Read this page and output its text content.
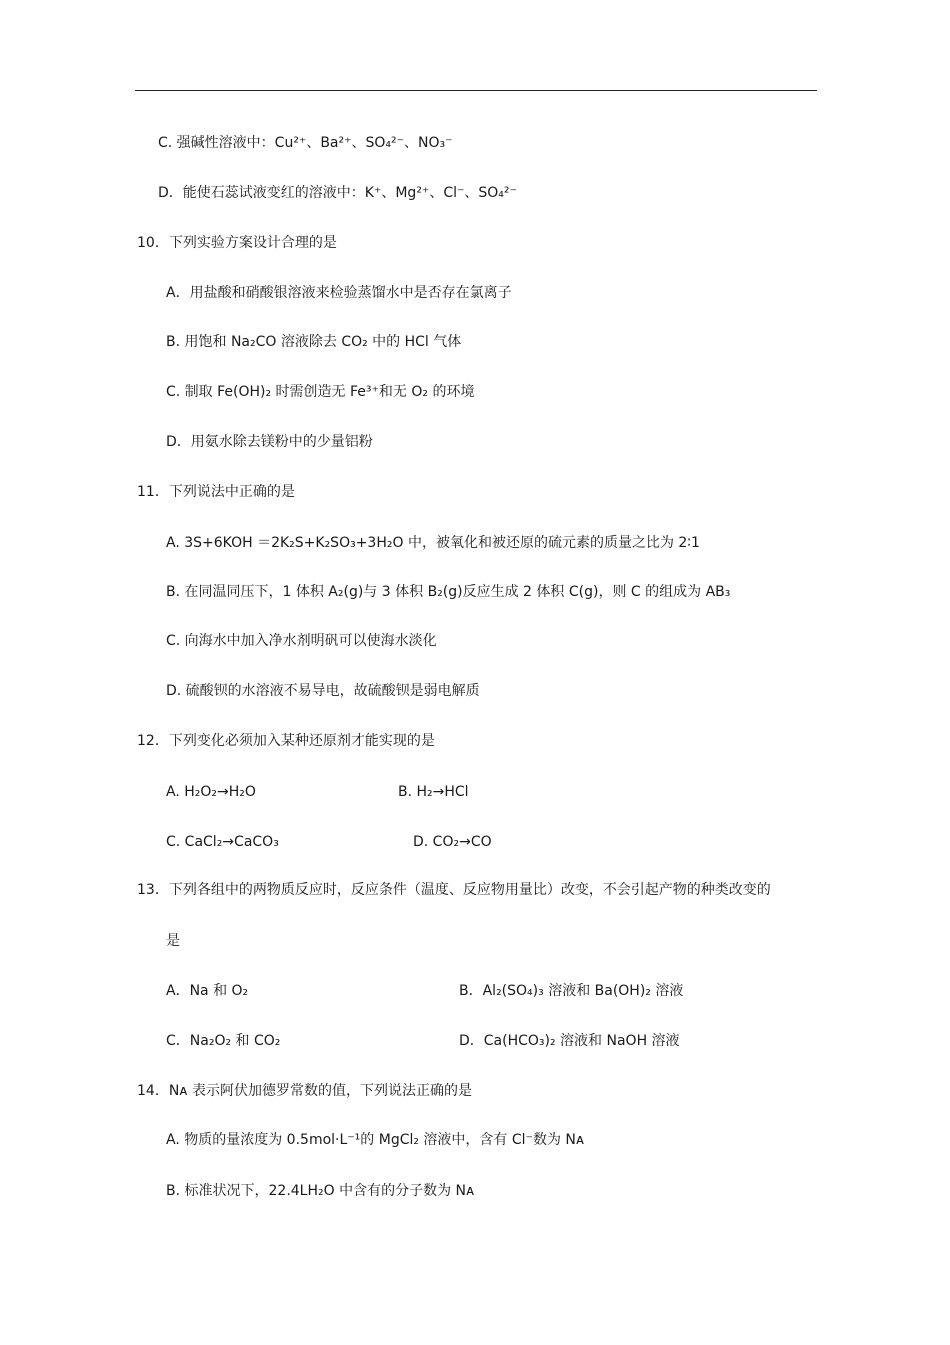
C. 强碱性溶液中：Cu²⁺、Ba²⁺、SO₄²⁻、NO₃⁻
D．能使石蕊试液变红的溶液中：K⁺、Mg²⁺、Cl⁻、SO₄²⁻
10．下列实验方案设计合理的是
A．用盐酸和硝酸银溶液来检验蒸馏水中是否存在氯离子
B. 用饱和 Na₂CO 溶液除去 CO₂ 中的 HCl 气体
C. 制取 Fe(OH)₂ 时需创造无 Fe³⁺和无 O₂ 的环境
D．用氨水除去镁粉中的少量铝粉
11．下列说法中正确的是
A. 3S+6KOH ＝2K₂S+K₂SO₃+3H₂O 中，被氧化和被还原的硫元素的质量之比为 2∶1
B. 在同温同压下，1 体积 A₂(g)与 3 体积 B₂(g)反应生成 2 体积 C(g)，则 C 的组成为 AB₃
C. 向海水中加入净水剂明矾可以使海水淡化
D. 硫酸钡的水溶液不易导电，故硫酸钡是弱电解质
12．下列变化必须加入某种还原剂才能实现的是
A. H₂O₂→H₂O	B. H₂→HCl
C. CaCl₂→CaCO₃	D. CO₂→CO
13．下列各组中的两物质反应时，反应条件（温度、反应物用量比）改变，不会引起产物的种类改变的
是
A．Na 和 O₂	B．Al₂(SO₄)₃ 溶液和 Ba(OH)₂ 溶液
C．Na₂O₂ 和 CO₂	D．Ca(HCO₃)₂ 溶液和 NaOH 溶液
14．Nᴀ 表示阿伏加德罗常数的值，下列说法正确的是
A. 物质的量浓度为 0.5mol·L⁻¹的 MgCl₂ 溶液中，含有 Cl⁻数为 Nᴀ
B. 标准状况下，22.4LH₂O 中含有的分子数为 Nᴀ
